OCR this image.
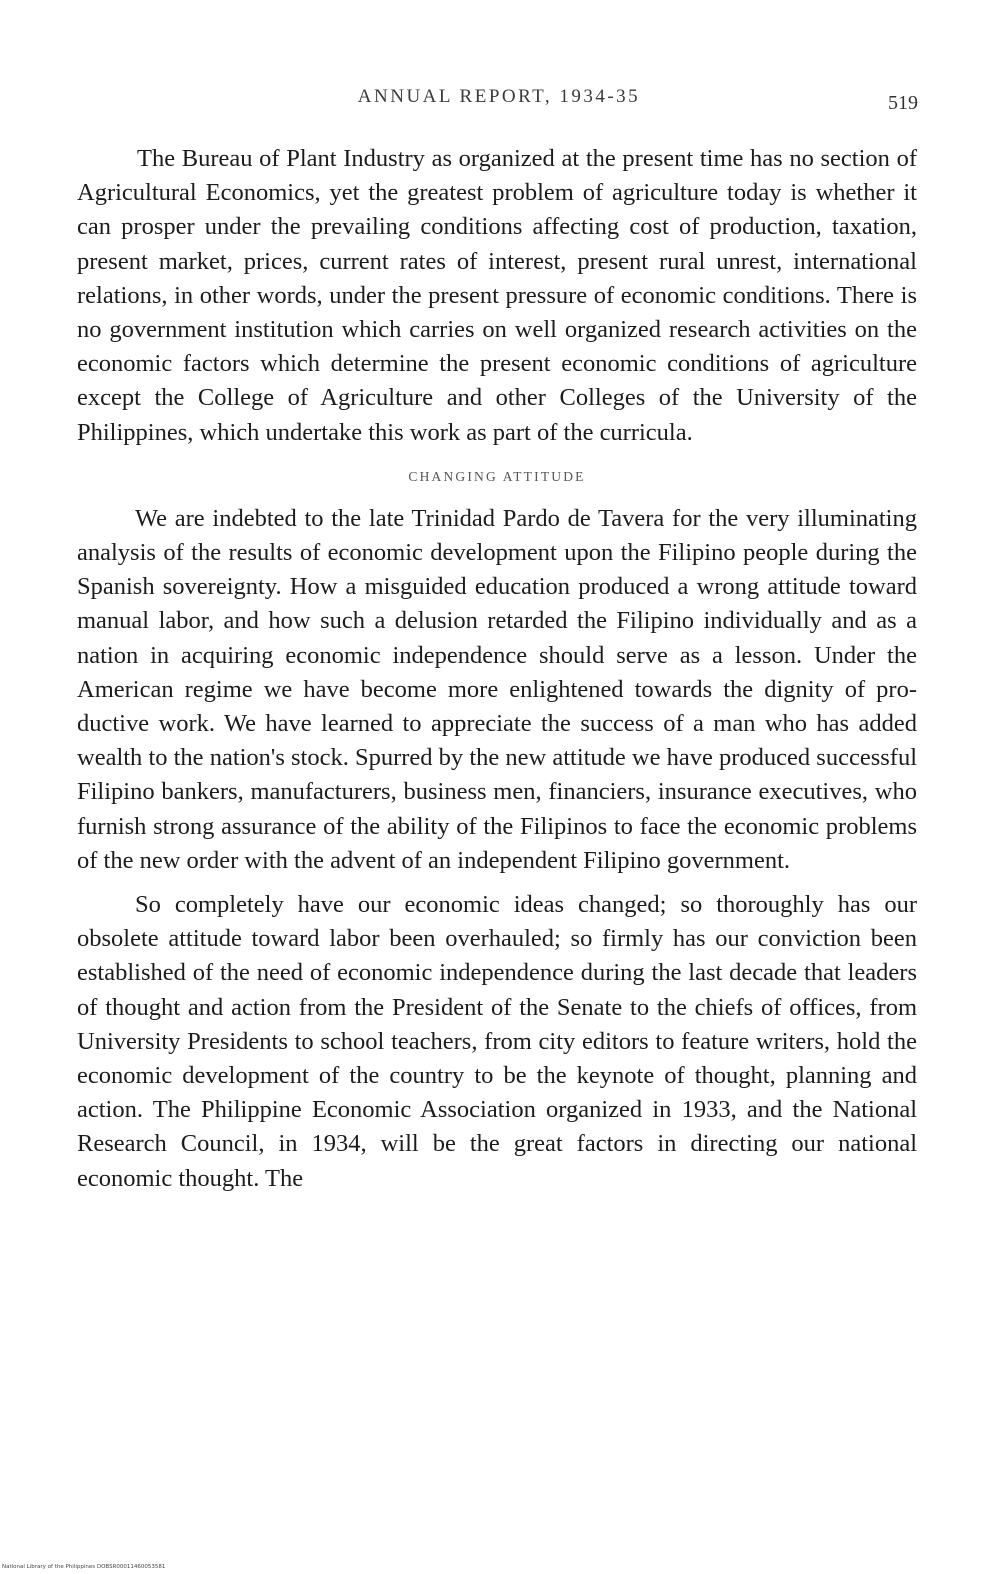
ANNUAL REPORT, 1934-35	519

The Bureau of Plant Industry as organized at the present time has no section of Agricultural Economics, yet the greatest problem of agriculture today is whether it can prosper under the prevailing conditions affecting cost of production, taxation, present market, prices, current rates of interest, present rural unrest, international relations, in other words, under the present pressure of economic conditions. There is no government institution which carries on well organized research activities on the economic factors which determine the present economic conditions of agriculture except the College of Agriculture and other Colleges of the University of the Philippines, which undertake this work as part of the curricula.

CHANGING ATTITUDE

We are indebted to the late Trinidad Pardo de Tavera for the very illuminating analysis of the results of economic development upon the Filipino people during the Spanish sovereignty. How a misguided education produced a wrong attitude toward manual labor, and how such a delusion retarded the Filipino individually and as a nation in acquiring economic independence should serve as a lesson. Under the American regime we have become more enlightened towards the dignity of productive work. We have learned to appreciate the success of a man who has added wealth to the nation's stock. Spurred by the new attitude we have produced successful Filipino bankers, manufacturers, business men, financiers, insurance executives, who furnish strong assurance of the ability of the Filipinos to face the economic problems of the new order with the advent of an independent Filipino government.

So completely have our economic ideas changed; so thoroughly has our obsolete attitude toward labor been overhauled; so firmly has our conviction been established of the need of economic independence during the last decade that leaders of thought and action from the President of the Senate to the chiefs of offices, from University Presidents to school teachers, from city editors to feature writers, hold the economic development of the country to be the keynote of thought, planning and action. The Philippine Economic Association organized in 1933, and the National Research Council, in 1934, will be the great factors in directing our national economic thought. The

National Library of the Philippines DOBSR00011460053581
